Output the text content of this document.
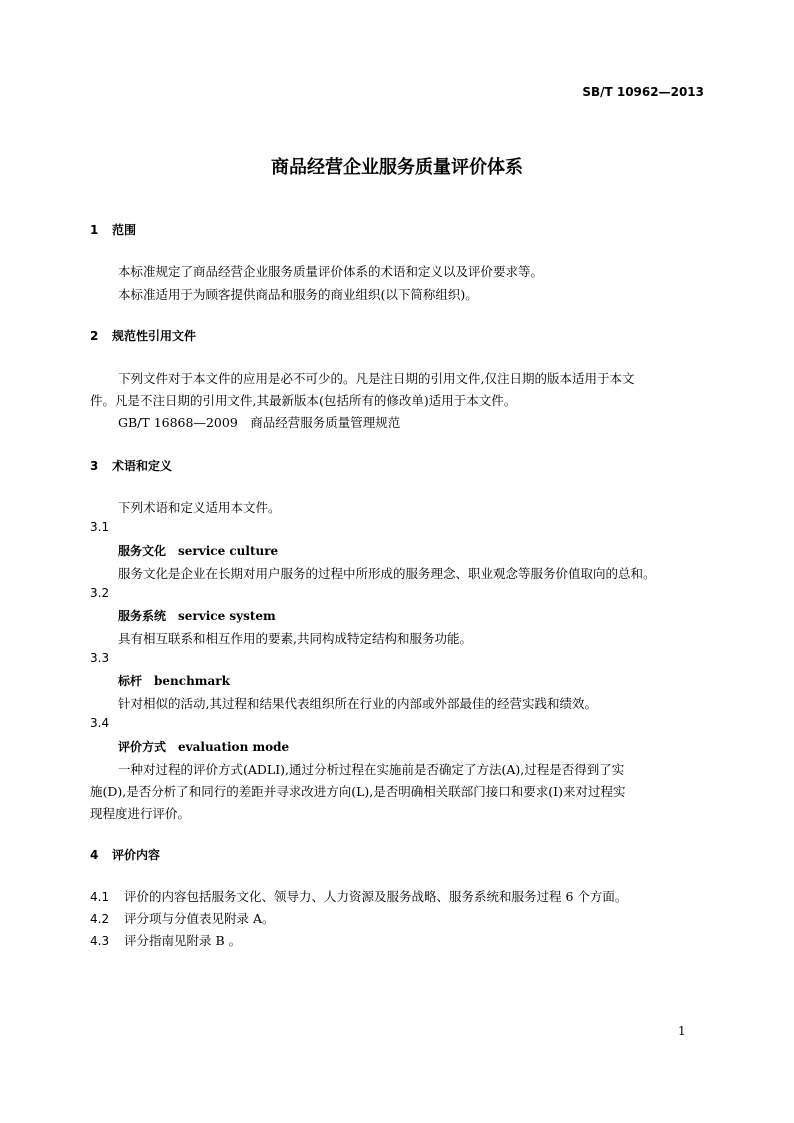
SB/T 10962—2013
商品经营企业服务质量评价体系
1 范围
本标准规定了商品经营企业服务质量评价体系的术语和定义以及评价要求等。
本标准适用于为顾客提供商品和服务的商业组织(以下简称组织)。
2 规范性引用文件
下列文件对于本文件的应用是必不可少的。凡是注日期的引用文件,仅注日期的版本适用于本文
件。凡是不注日期的引用文件,其最新版本(包括所有的修改单)适用于本文件。
GB/T 16868—2009　商品经营服务质量管理规范
3 术语和定义
下列术语和定义适用本文件。
3.1
服务文化 service culture
服务文化是企业在长期对用户服务的过程中所形成的服务理念、职业观念等服务价值取向的总和。
3.2
服务系统 service system
具有相互联系和相互作用的要素,共同构成特定结构和服务功能。
3.3
标杆 benchmark
针对相似的活动,其过程和结果代表组织所在行业的内部或外部最佳的经营实践和绩效。
3.4
评价方式 evaluation mode
一种对过程的评价方式(ADLI),通过分析过程在实施前是否确定了方法(A),过程是否得到了实
施(D),是否分析了和同行的差距并寻求改进方向(L),是否明确相关联部门接口和要求(I)来对过程实
现程度进行评价。
4 评价内容
4.1 评价的内容包括服务文化、领导力、人力资源及服务战略、服务系统和服务过程 6 个方面。
4.2 评分项与分值表见附录 A。
4.3 评分指南见附录 B 。
1
